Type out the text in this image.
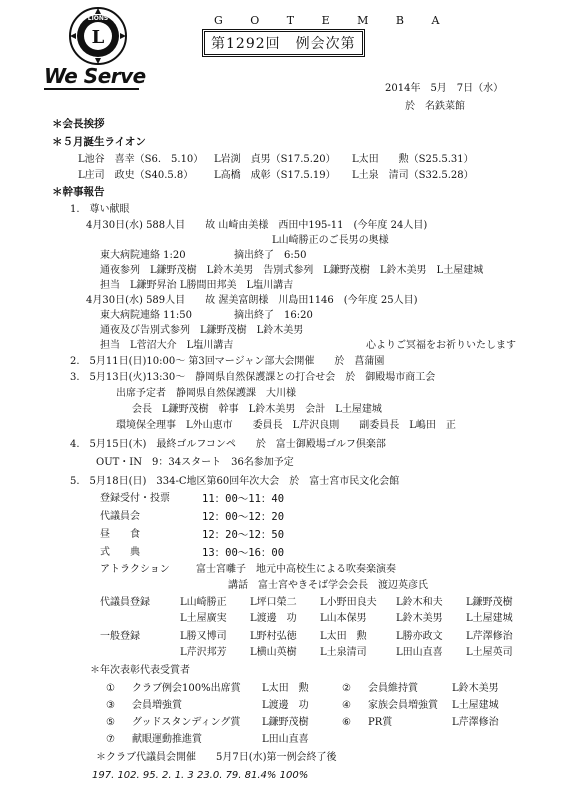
LIONS
L
We Serve
G O T E M B A
第1292回　例会次第
2014年　5月　7日（水）
於　名鉄菜館
＊会長挨拶
＊５月誕生ライオン
L池谷　喜幸（S6.　5.10） L岩渕　貞男（S17.5.20） L太田　　勲（S25.5.31）
L庄司　政史（S40.5.8） L高橋　成彰（S17.5.19） L土泉　清司（S32.5.28）
＊幹事報告
1.　尊い献眼
4月30日(水) 588人目　　故 山崎由美様　西田中195-11　(今年度 24人目)
L山崎勝正のご長男の奥様
東大病院連絡 1:20	摘出終了　6:50
通夜参列　L鎌野茂樹　L鈴木美男　告別式参列　L鎌野茂樹　L鈴木美男　L土屋建城
担当　L鎌野昇治 L勝間田邦美　L塩川講吉
4月30日(水) 589人目　　故 渥美富朗様　川島田1146　(今年度 25人目)
東大病院連絡 11:50	摘出終了　16:20
通夜及び告別式参列　L鎌野茂樹　L鈴木美男
担当　L菅沼大介　L塩川講吉	心よりご冥福をお祈りいたします
2.　5月11日(日)10:00～ 第3回マージャン部大会開催　　於　菖蒲園
3.　5月13日(火)13:30～　静岡県自然保護課との打合せ会　於　御殿場市商工会
出席予定者　静岡県自然保護課　大川様
会長　L鎌野茂樹　幹事　L鈴木美男　会計　L土屋建城
環境保全理事　L外山恵市　　委員長　L芹沢良則　　副委員長　L嶋田　正
4.　5月15日(木)　最終ゴルフコンペ　　於　富士御殿場ゴルフ倶楽部
OUT・IN　9：34スタート　36名参加予定
5.　5月18日(日)　334-C地区第60回年次大会　於　富士宮市民文化会館
登録受付・投票	11：00～11：40
代議員会	12：00～12：20
昼　　食	12：20～12：50
式　　典	13：00～16：00
アトラクション	富士宮囃子　地元中高校生による吹奏楽演奏
講話　富士宮やきそば学会会長　渡辺英彦氏
代議員登録	L山崎勝正 L坪口榮二 L小野田良夫 L鈴木和夫 L鎌野茂樹
L土屋廣実 L渡邊　功 L山本保男	L鈴木美男 L土屋建城
一般登録	L勝又博司 L野村弘徳 L太田　勲	L勝亦政文 L芹澤修治
L芹沢邦芳 L横山英樹 L土泉清司	L田山直喜 L土屋英司
＊年次表彰代表受賞者
① クラブ例会100%出席賞 L太田　勲	② 会員維持賞	L鈴木美男
③ 会員増強賞	L渡邊　功	④ 家族会員増強賞 L土屋建城
⑤ グッドスタンディング賞 L鎌野茂樹	⑥ PR賞	L芹澤修治
⑦ 献眼運動推進賞	L田山直喜
＊クラブ代議員会開催　　5月7日(水)第一例会終了後
197. 102. 95. 2. 1. 3 23.0. 79. 81.4% 100%
